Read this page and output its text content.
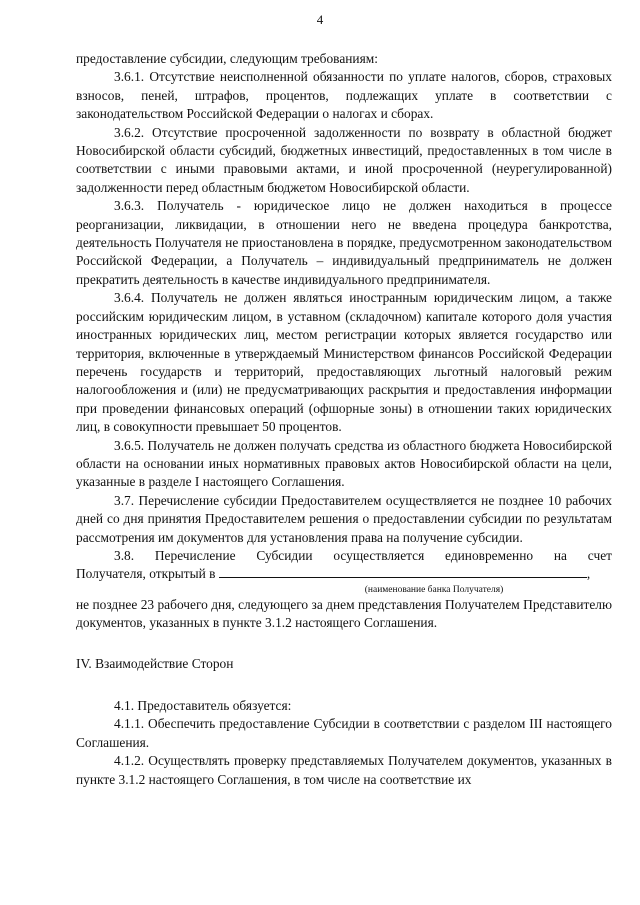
4

предоставление субсидии, следующим требованиям:

3.6.1. Отсутствие неисполненной обязанности по уплате налогов, сборов, страховых взносов, пеней, штрафов, процентов, подлежащих уплате в соответствии с законодательством Российской Федерации о налогах и сборах.

3.6.2. Отсутствие просроченной задолженности по возврату в областной бюджет Новосибирской области субсидий, бюджетных инвестиций, предоставленных в том числе в соответствии с иными правовыми актами, и иной просроченной (неурегулированной) задолженности перед областным бюджетом Новосибирской области.

3.6.3. Получатель - юридическое лицо не должен находиться в процессе реорганизации, ликвидации, в отношении него не введена процедура банкротства, деятельность Получателя не приостановлена в порядке, предусмотренном законодательством Российской Федерации, а Получатель – индивидуальный предприниматель не должен прекратить деятельность в качестве индивидуального предпринимателя.

3.6.4. Получатель не должен являться иностранным юридическим лицом, а также российским юридическим лицом, в уставном (складочном) капитале которого доля участия иностранных юридических лиц, местом регистрации которых является государство или территория, включенные в утверждаемый Министерством финансов Российской Федерации перечень государств и территорий, предоставляющих льготный налоговый режим налогообложения и (или) не предусматривающих раскрытия и предоставления информации при проведении финансовых операций (офшорные зоны) в отношении таких юридических лиц, в совокупности превышает 50 процентов.

3.6.5. Получатель не должен получать средства из областного бюджета Новосибирской области на основании иных нормативных правовых актов Новосибирской области на цели, указанные в разделе I настоящего Соглашения.

3.7. Перечисление субсидии Предоставителем осуществляется не позднее 10 рабочих дней со дня принятия Предоставителем решения о предоставлении субсидии по результатам рассмотрения им документов для установления права на получение субсидии.

3.8. Перечисление Субсидии осуществляется единовременно на счет

Получателя, открытый в	,

(наименование банка Получателя)

не позднее 23 рабочего дня, следующего за днем представления Получателем Представителю документов, указанных в пункте 3.1.2 настоящего Соглашения.

IV. Взаимодействие Сторон

4.1. Предоставитель обязуется:

4.1.1. Обеспечить предоставление Субсидии в соответствии с разделом III настоящего Соглашения.

4.1.2. Осуществлять проверку представляемых Получателем документов, указанных в пункте 3.1.2 настоящего Соглашения, в том числе на соответствие их
